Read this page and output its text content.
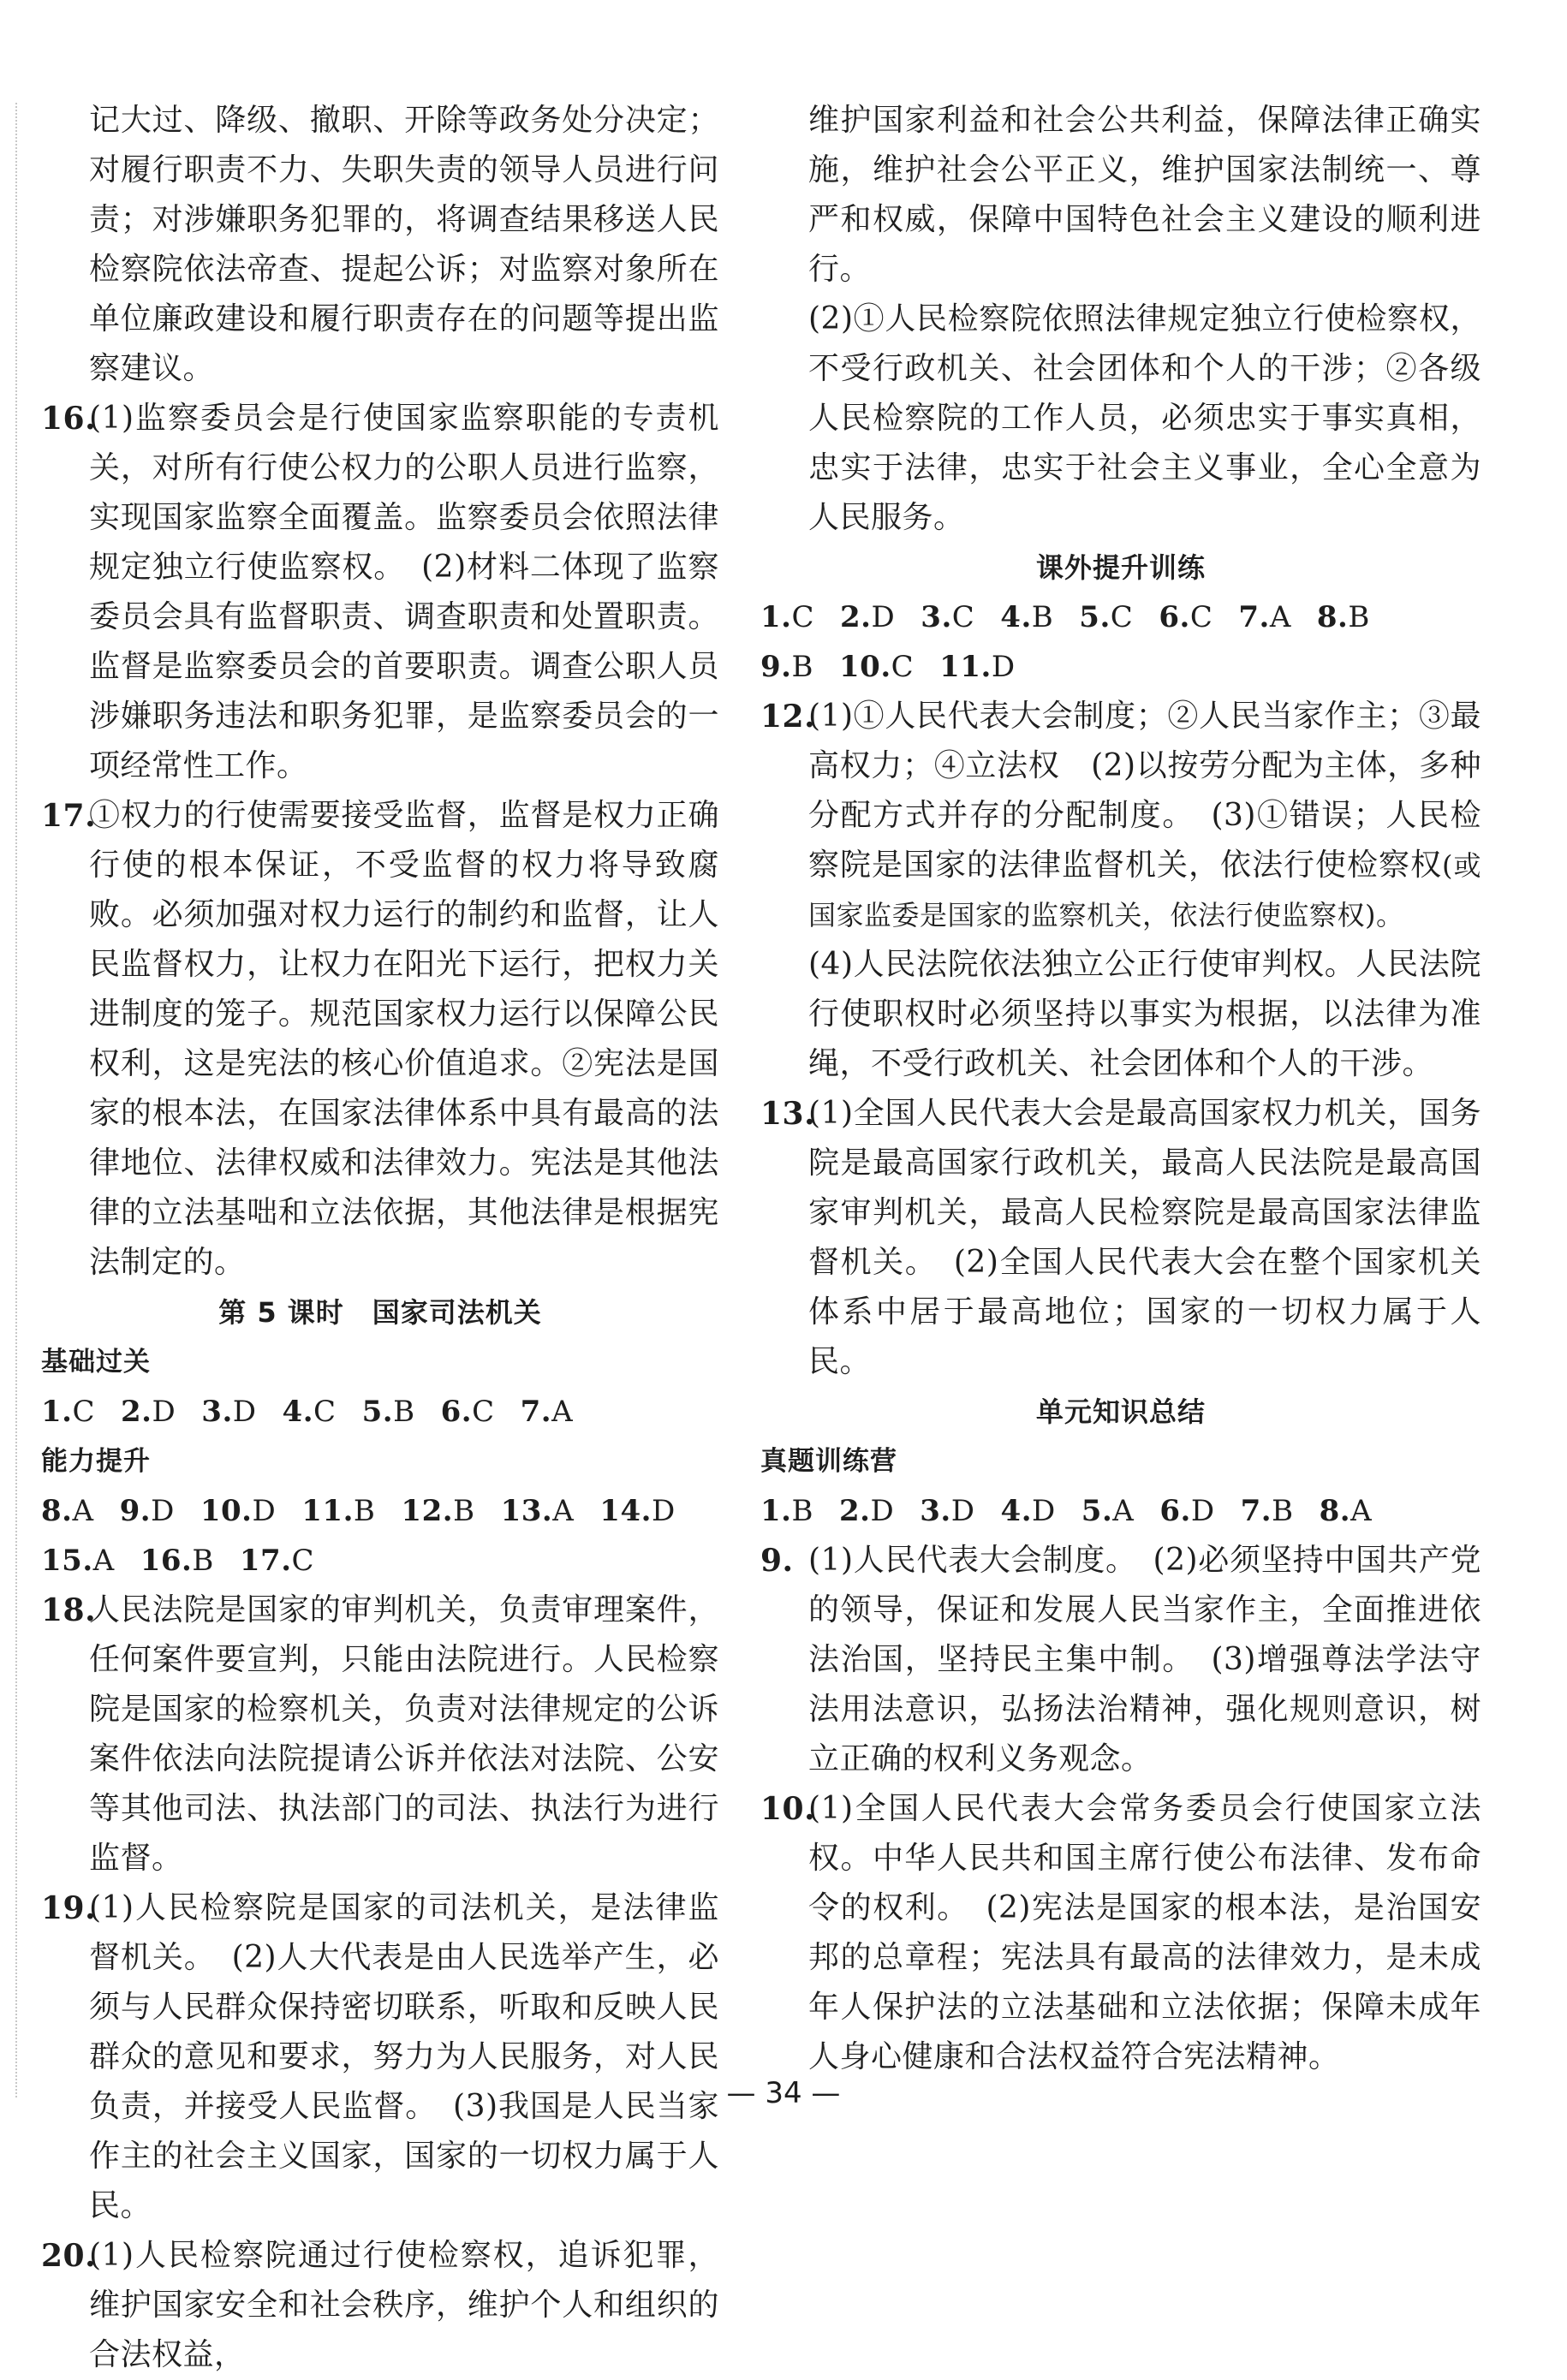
记大过、降级、撤职、开除等政务处分决定；对履行职责不力、失职失责的领导人员进行问责；对涉嫌职务犯罪的，将调查结果移送人民检察院依法帝查、提起公诉；对监察对象所在单位廉政建设和履行职责存在的问题等提出监察建议。
16.
(1)监察委员会是行使国家监察职能的专责机关，对所有行使公权力的公职人员进行监察，实现国家监察全面覆盖。监察委员会依照法律规定独立行使监察权。　(2)材料二体现了监察委员会具有监督职责、调查职责和处置职责。监督是监察委员会的首要职责。调查公职人员涉嫌职务违法和职务犯罪，是监察委员会的一项经常性工作。
17.
①权力的行使需要接受监督，监督是权力正确行使的根本保证，不受监督的权力将导致腐败。必须加强对权力运行的制约和监督，让人民监督权力，让权力在阳光下运行，把权力关进制度的笼子。规范国家权力运行以保障公民权利，这是宪法的核心价值追求。②宪法是国家的根本法，在国家法律体系中具有最高的法律地位、法律权威和法律效力。宪法是其他法律的立法基咄和立法依据，其他法律是根据宪法制定的。
第 5 课时　国家司法机关
基础过关
1.C 2.D 3.D 4.C 5.B 6.C 7.A
能力提升
8.A 9.D 10.D 11.B 12.B 13.A 14.D
15.A 16.B 17.C
18.
人民法院是国家的审判机关，负责审理案件，任何案件要宣判，只能由法院进行。人民检察院是国家的检察机关，负责对法律规定的公诉案件依法向法院提请公诉并依法对法院、公安等其他司法、执法部门的司法、执法行为进行监督。
19.
(1)人民检察院是国家的司法机关，是法律监督机关。　(2)人大代表是由人民选举产生，必须与人民群众保持密切联系，听取和反映人民群众的意见和要求，努力为人民服务，对人民负责，并接受人民监督。　(3)我国是人民当家作主的社会主义国家，国家的一切权力属于人民。
20.
(1)人民检察院通过行使检察权，追诉犯罪，维护国家安全和社会秩序，维护个人和组织的合法权益，
维护国家利益和社会公共利益，保障法律正确实施，维护社会公平正义，维护国家法制统一、尊严和权威，保障中国特色社会主义建设的顺利进行。
(2)①人民检察院依照法律规定独立行使检察权，不受行政机关、社会团体和个人的干涉；②各级人民检察院的工作人员，必须忠实于事实真相，忠实于法律，忠实于社会主义事业，全心全意为人民服务。
课外提升训练
1.C 2.D 3.C 4.B 5.C 6.C 7.A 8.B
9.B 10.C 11.D
12.
(1)①人民代表大会制度；②人民当家作主；③最高权力；④立法权　(2)以按劳分配为主体，多种分配方式并存的分配制度。　(3)①错误；人民检察院是国家的法律监督机关，依法行使检察权(或国家监委是国家的监察机关，依法行使监察权)。
(4)人民法院依法独立公正行使审判权。人民法院行使职权时必须坚持以事实为根据，以法律为准绳，不受行政机关、社会团体和个人的干涉。
13.
(1)全国人民代表大会是最高国家权力机关，国务院是最高国家行政机关，最高人民法院是最高国家审判机关，最高人民检察院是最高国家法律监督机关。　(2)全国人民代表大会在整个国家机关体系中居于最高地位；国家的一切权力属于人民。
单元知识总结
真题训练营
1.B 2.D 3.D 4.D 5.A 6.D 7.B 8.A
9. (1)人民代表大会制度。　(2)必须坚持中国共产党的领导，保证和发展人民当家作主，全面推进依法治国，坚持民主集中制。　(3)增强尊法学法守法用法意识，弘扬法治精神，强化规则意识，树立正确的权利义务观念。
10.
(1)全国人民代表大会常务委员会行使国家立法权。中华人民共和国主席行使公布法律、发布命令的权利。　(2)宪法是国家的根本法，是治国安邦的总章程；宪法具有最高的法律效力，是未成年人保护法的立法基础和立法依据；保障未成年人身心健康和合法权益符合宪法精神。
— 34 —
